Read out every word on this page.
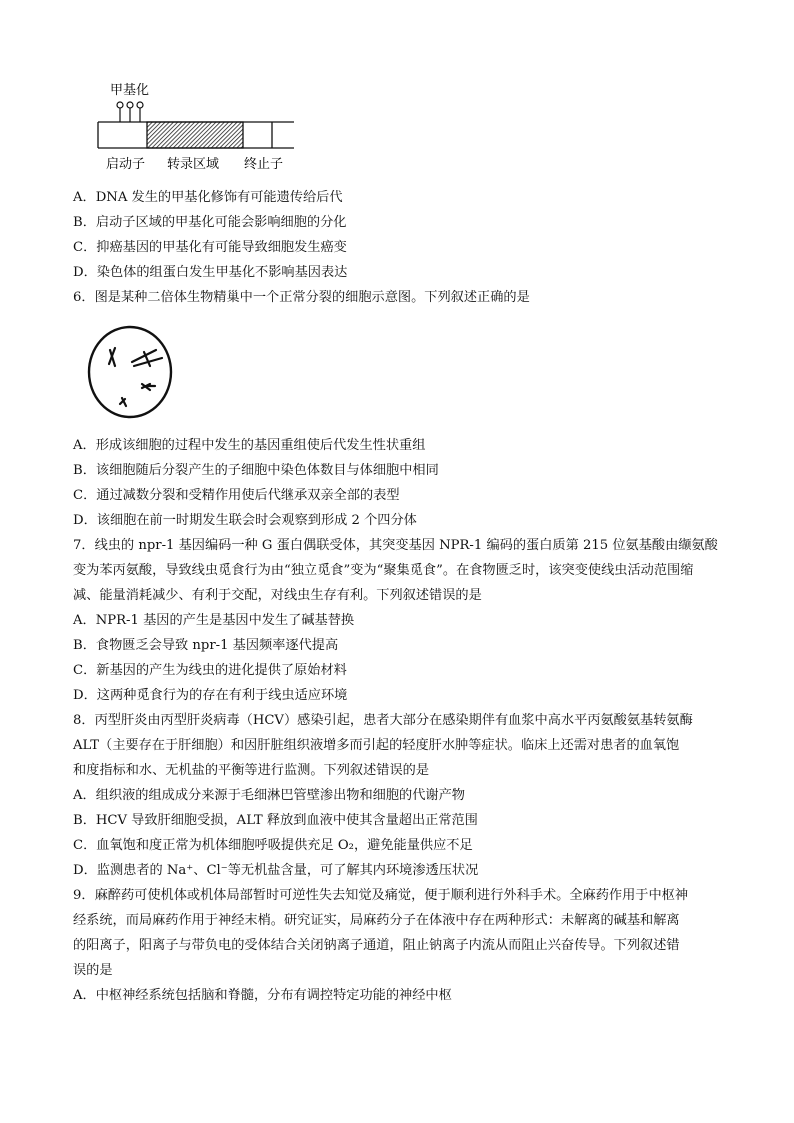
甲基化
启动子 转录区域 终止子
A．DNA 发生的甲基化修饰有可能遗传给后代
B．启动子区域的甲基化可能会影响细胞的分化
C．抑癌基因的甲基化有可能导致细胞发生癌变
D．染色体的组蛋白发生甲基化不影响基因表达
6．图是某种二倍体生物精巢中一个正常分裂的细胞示意图。下列叙述正确的是
A．形成该细胞的过程中发生的基因重组使后代发生性状重组
B．该细胞随后分裂产生的子细胞中染色体数目与体细胞中相同
C．通过减数分裂和受精作用使后代继承双亲全部的表型
D．该细胞在前一时期发生联会时会观察到形成 2 个四分体
7．线虫的 npr-1 基因编码一种 G 蛋白偶联受体，其突变基因 NPR-1 编码的蛋白质第 215 位氨基酸由缬氨酸
变为苯丙氨酸，导致线虫觅食行为由“独立觅食”变为“聚集觅食”。在食物匮乏时，该突变使线虫活动范围缩
减、能量消耗减少、有利于交配，对线虫生存有利。下列叙述错误的是
A．NPR-1 基因的产生是基因中发生了碱基替换
B．食物匮乏会导致 npr-1 基因频率逐代提高
C．新基因的产生为线虫的进化提供了原始材料
D．这两种觅食行为的存在有利于线虫适应环境
8．丙型肝炎由丙型肝炎病毒（HCV）感染引起，患者大部分在感染期伴有血浆中高水平丙氨酸氨基转氨酶
ALT（主要存在于肝细胞）和因肝脏组织液增多而引起的轻度肝水肿等症状。临床上还需对患者的血氧饱
和度指标和水、无机盐的平衡等进行监测。下列叙述错误的是
A．组织液的组成成分来源于毛细淋巴管壁渗出物和细胞的代谢产物
B．HCV 导致肝细胞受损，ALT 释放到血液中使其含量超出正常范围
C．血氧饱和度正常为机体细胞呼吸提供充足 O₂，避免能量供应不足
D．监测患者的 Na⁺、Cl⁻等无机盐含量，可了解其内环境渗透压状况
9．麻醉药可使机体或机体局部暂时可逆性失去知觉及痛觉，便于顺利进行外科手术。全麻药作用于中枢神
经系统，而局麻药作用于神经末梢。研究证实，局麻药分子在体液中存在两种形式：未解离的碱基和解离
的阳离子，阳离子与带负电的受体结合关闭钠离子通道，阻止钠离子内流从而阻止兴奋传导。下列叙述错
误的是
A．中枢神经系统包括脑和脊髓，分布有调控特定功能的神经中枢
